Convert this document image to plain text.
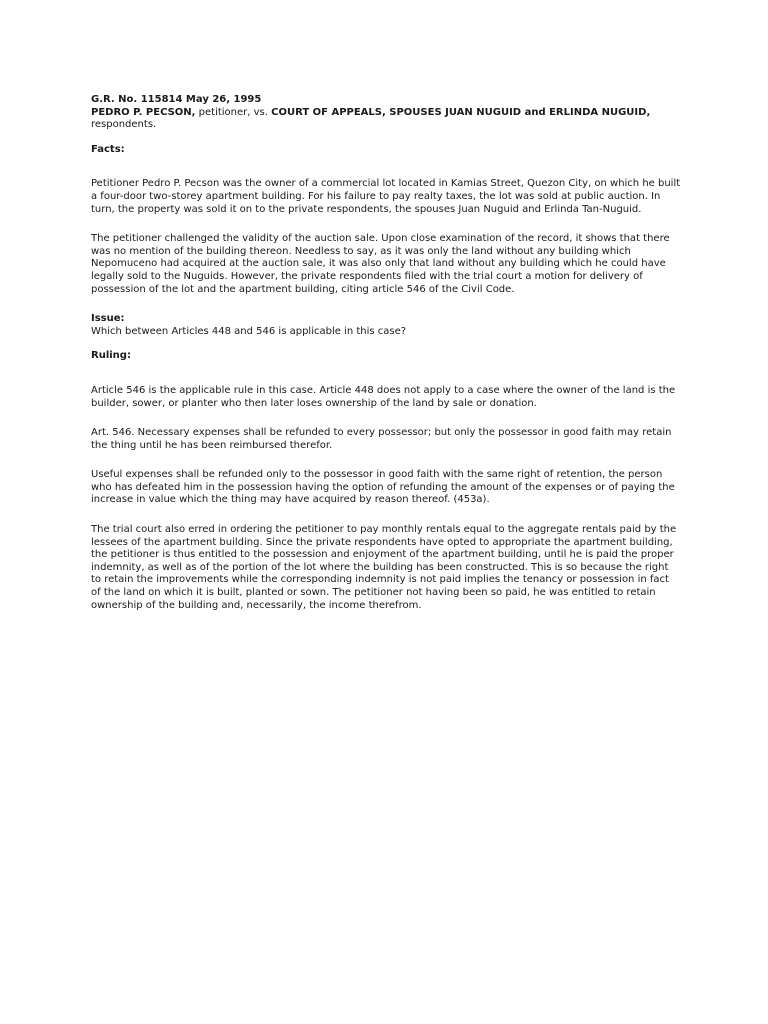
G.R. No. 115814 May 26, 1995

PEDRO P. PECSON, petitioner, vs. COURT OF APPEALS, SPOUSES JUAN NUGUID and ERLINDA NUGUID,
respondents.

Facts:

Petitioner Pedro P. Pecson was the owner of a commercial lot located in Kamias Street, Quezon City, on which he built a four-door two-storey apartment building. For his failure to pay realty taxes, the lot was sold at public auction. In turn, the property was sold it on to the private respondents, the spouses Juan Nuguid and Erlinda Tan-Nuguid.

The petitioner challenged the validity of the auction sale. Upon close examination of the record, it shows that there was no mention of the building thereon. Needless to say, as it was only the land without any building which Nepomuceno had acquired at the auction sale, it was also only that land without any building which he could have legally sold to the Nuguids. However, the private respondents filed with the trial court a motion for delivery of possession of the lot and the apartment building, citing article 546 of the Civil Code.

Issue:

Which between Articles 448 and 546 is applicable in this case?

Ruling:

Article 546 is the applicable rule in this case. Article 448 does not apply to a case where the owner of the land is the builder, sower, or planter who then later loses ownership of the land by sale or donation.

Art. 546. Necessary expenses shall be refunded to every possessor; but only the possessor in good faith may retain the thing until he has been reimbursed therefor.

Useful expenses shall be refunded only to the possessor in good faith with the same right of retention, the person who has defeated him in the possession having the option of refunding the amount of the expenses or of paying the increase in value which the thing may have acquired by reason thereof. (453a).

The trial court also erred in ordering the petitioner to pay monthly rentals equal to the aggregate rentals paid by the lessees of the apartment building. Since the private respondents have opted to appropriate the apartment building, the petitioner is thus entitled to the possession and enjoyment of the apartment building, until he is paid the proper indemnity, as well as of the portion of the lot where the building has been constructed. This is so because the right to retain the improvements while the corresponding indemnity is not paid implies the tenancy or possession in fact of the land on which it is built, planted or sown. The petitioner not having been so paid, he was entitled to retain ownership of the building and, necessarily, the income therefrom.
